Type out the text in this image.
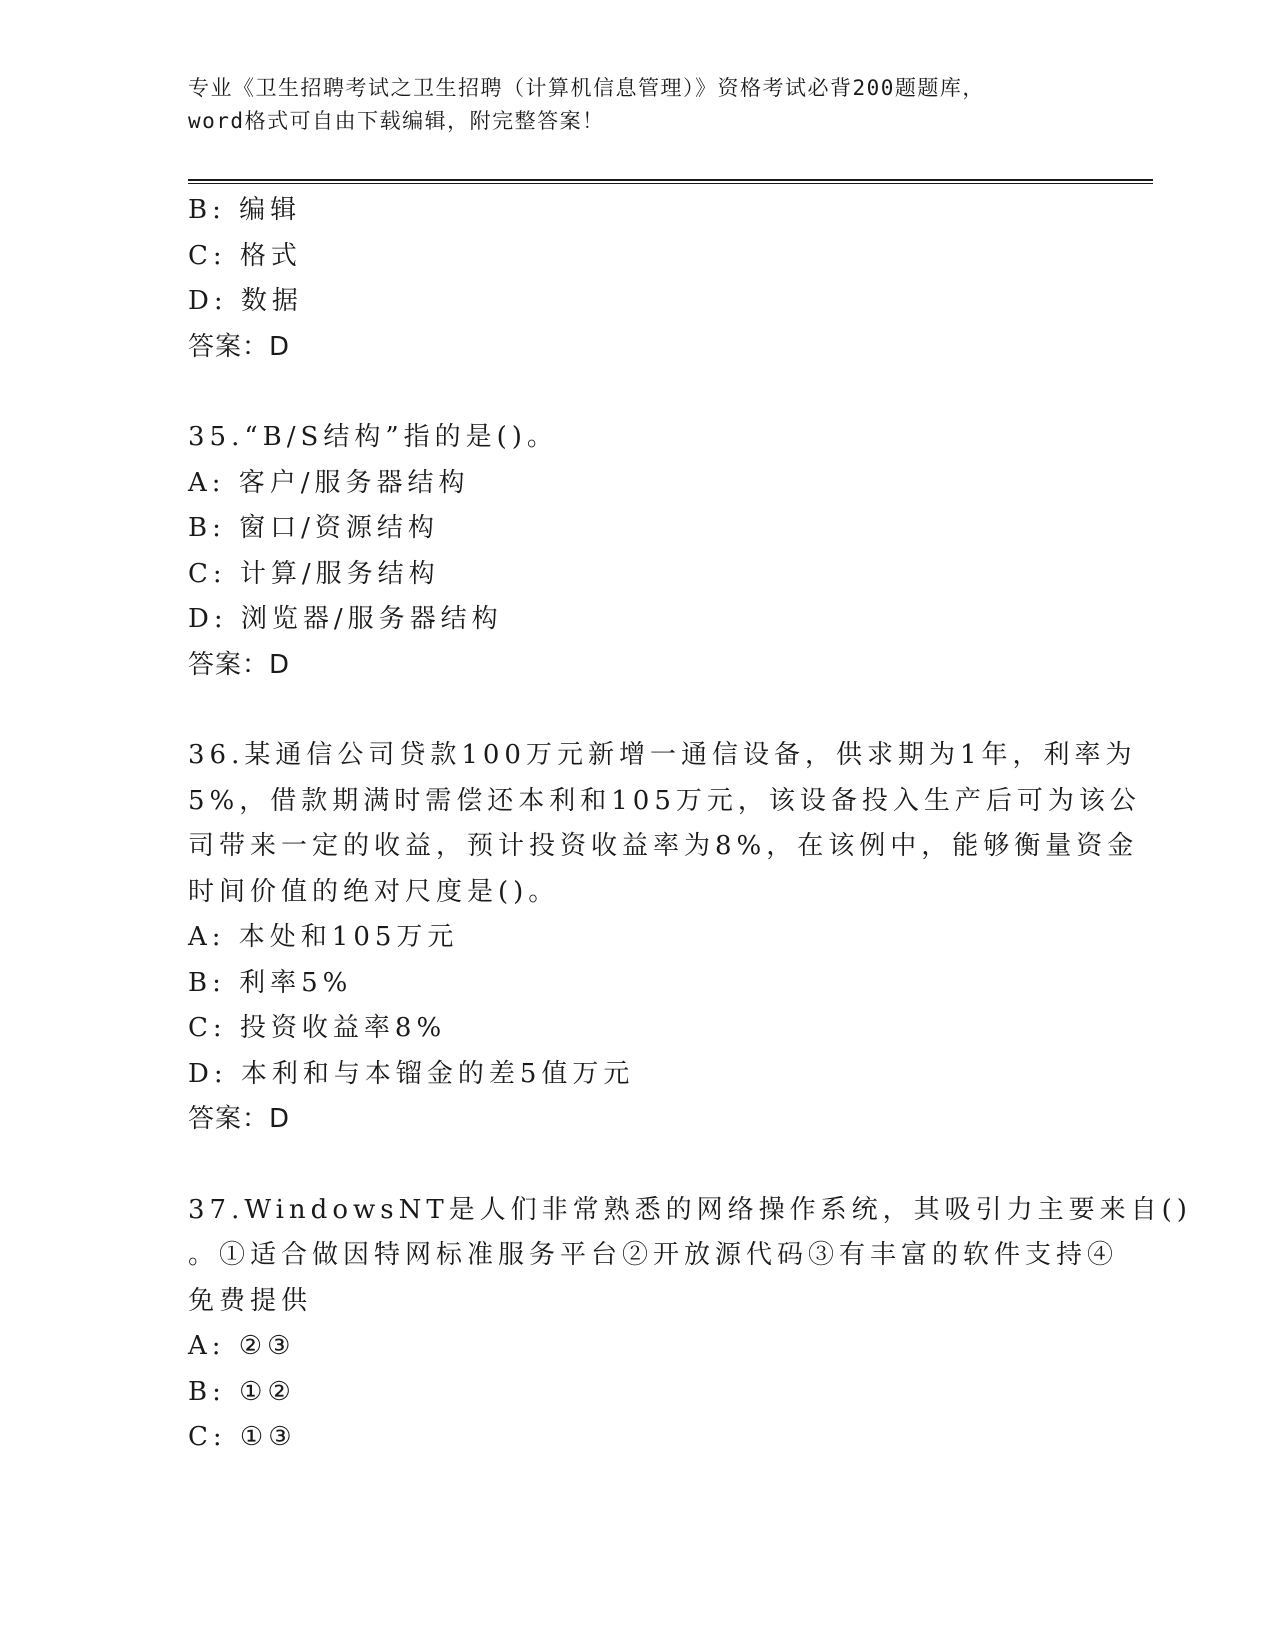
专业《卫生招聘考试之卫生招聘（计算机信息管理）》资格考试必背200题题库，
word格式可自由下载编辑，附完整答案！
B: 编辑
C: 格式
D: 数据
答案：D
35.“B/S结构”指的是()。
A: 客户/服务器结构
B: 窗口/资源结构
C: 计算/服务结构
D: 浏览器/服务器结构
答案：D
36.某通信公司贷款100万元新增一通信设备，供求期为1年，利率为
5%，借款期满时需偿还本利和105万元，该设备投入生产后可为该公
司带来一定的收益，预计投资收益率为8%，在该例中，能够衡量资金
时间价值的绝对尺度是()。
A: 本处和105万元
B: 利率5%
C: 投资收益率8%
D: 本利和与本镏金的差5值万元
答案：D
37.WindowsNT是人们非常熟悉的网络操作系统，其吸引力主要来自()
。①适合做因特网标准服务平台②开放源代码③有丰富的软件支持④
免费提供
A: ②③
B: ①②
C: ①③
